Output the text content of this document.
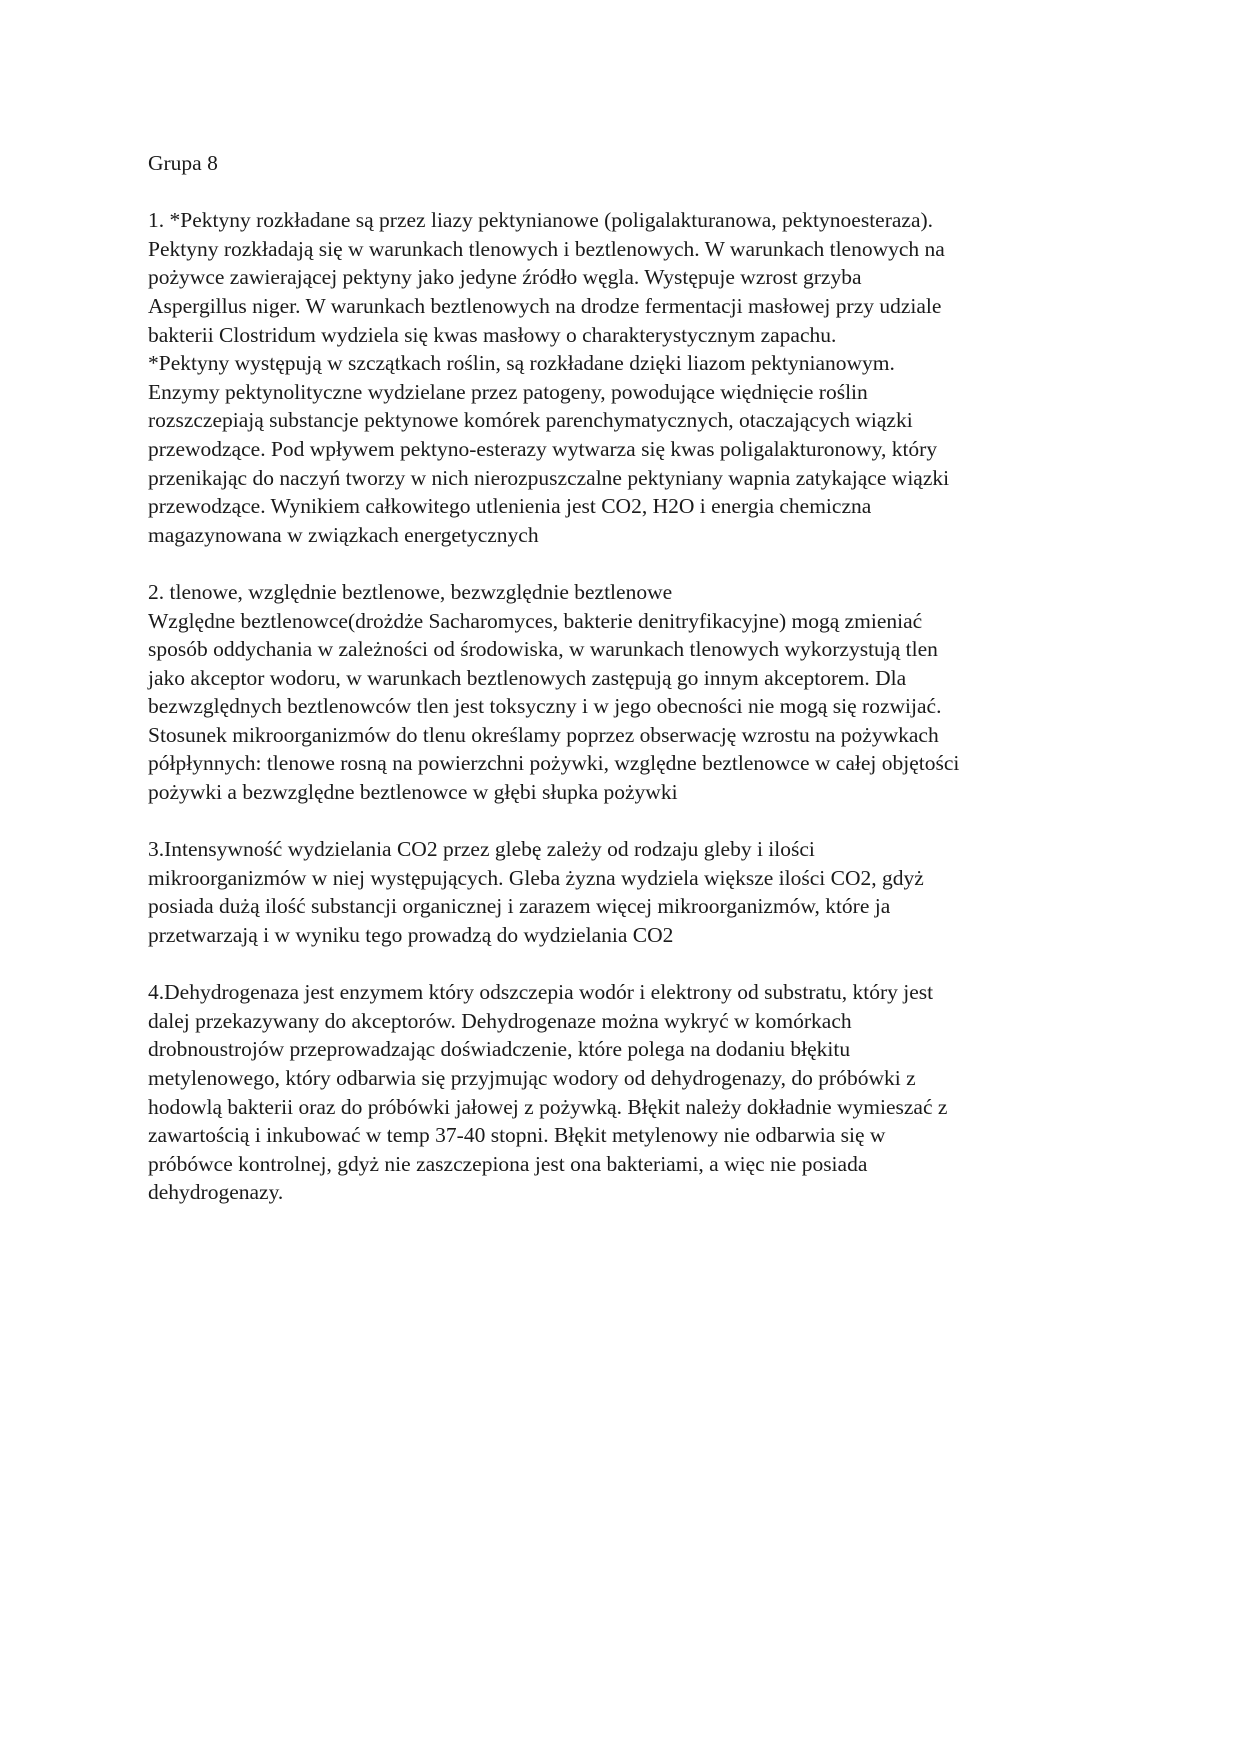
Grupa 8

1. *Pektyny rozkładane są przez liazy pektynianowe (poligalakturanowa, pektynoesteraza).
Pektyny rozkładają się w warunkach tlenowych i beztlenowych. W warunkach tlenowych na
pożywce zawierającej pektyny jako jedyne źródło węgla. Występuje wzrost grzyba
Aspergillus niger. W warunkach beztlenowych na drodze fermentacji masłowej przy udziale
bakterii Clostridum wydziela się kwas masłowy o charakterystycznym zapachu.
*Pektyny występują w szczątkach roślin, są rozkładane dzięki liazom pektynianowym.
Enzymy pektynolityczne wydzielane przez patogeny, powodujące więdnięcie roślin
rozszczepiają substancje pektynowe komórek parenchymatycznych, otaczających wiązki
przewodzące. Pod wpływem pektyno-esterazy wytwarza się kwas poligalakturonowy, który
przenikając do naczyń tworzy w nich nierozpuszczalne pektyniany wapnia zatykające wiązki
przewodzące. Wynikiem całkowitego utlenienia jest CO2, H2O i energia chemiczna
magazynowana w związkach energetycznych

2. tlenowe, względnie beztlenowe, bezwzględnie beztlenowe
Względne beztlenowce(drożdże Sacharomyces, bakterie denitryfikacyjne) mogą zmieniać
sposób oddychania w zależności od środowiska, w warunkach tlenowych wykorzystują tlen
jako akceptor wodoru, w warunkach beztlenowych zastępują go innym akceptorem. Dla
bezwzględnych beztlenowców tlen jest toksyczny i w jego obecności nie mogą się rozwijać.
Stosunek mikroorganizmów do tlenu określamy poprzez obserwację wzrostu na pożywkach
półpłynnych: tlenowe rosną na powierzchni pożywki, względne beztlenowce w całej objętości
pożywki a bezwzględne beztlenowce w głębi słupka pożywki

3.Intensywność wydzielania CO2 przez glebę zależy od rodzaju gleby i ilości
mikroorganizmów w niej występujących. Gleba żyzna wydziela większe ilości CO2, gdyż
posiada dużą ilość substancji organicznej i zarazem więcej mikroorganizmów, które ja
przetwarzają i w wyniku tego prowadzą do wydzielania CO2

4.Dehydrogenaza jest enzymem który odszczepia wodór i elektrony od substratu, który jest
dalej przekazywany do akceptorów. Dehydrogenaze można wykryć w komórkach
drobnoustrojów przeprowadzając doświadczenie, które polega na dodaniu błękitu
metylenowego, który odbarwia się przyjmując wodory od dehydrogenazy, do próbówki z
hodowlą bakterii oraz do próbówki jałowej z pożywką. Błękit należy dokładnie wymieszać z
zawartością i inkubować w temp 37-40 stopni. Błękit metylenowy nie odbarwia się w
próbówce kontrolnej, gdyż nie zaszczepiona jest ona bakteriami, a więc nie posiada
dehydrogenazy.
